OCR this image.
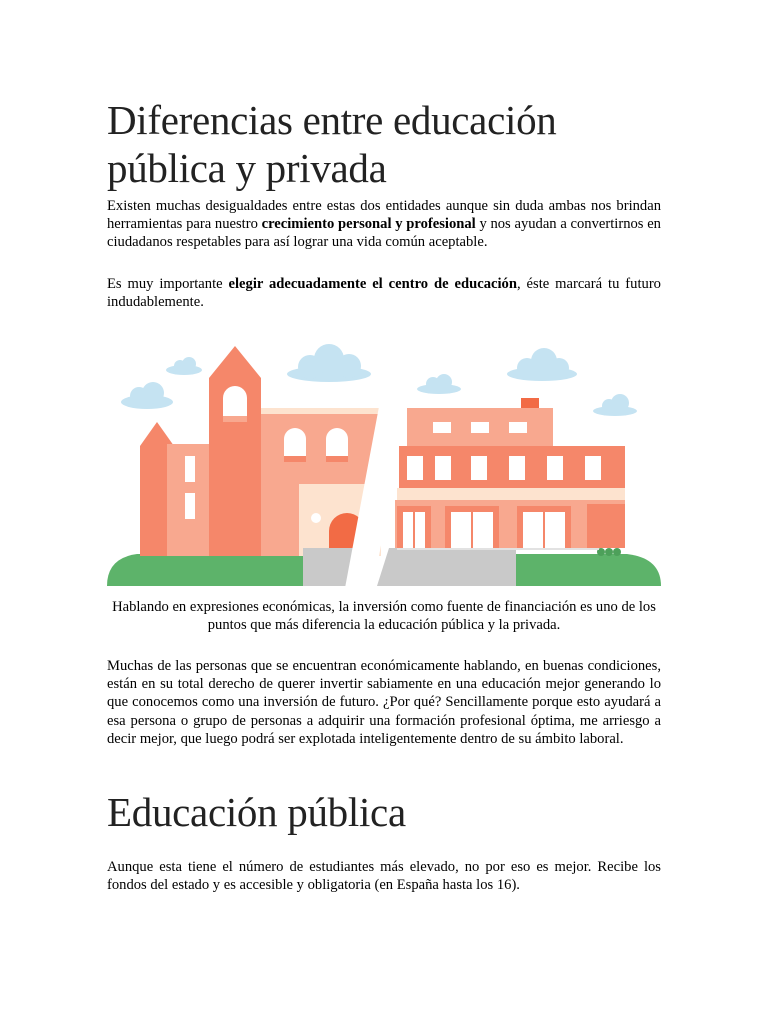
Diferencias entre educación pública y privada

Existen muchas desigualdades entre estas dos entidades aunque sin duda ambas nos brindan herramientas para nuestro crecimiento personal y profesional y nos ayudan a convertirnos en ciudadanos respetables para así lograr una vida común aceptable.

Es muy importante elegir adecuadamente el centro de educación, éste marcará tu futuro indudablemente.

Hablando en expresiones económicas, la inversión como fuente de financiación es uno de los puntos que más diferencia la educación pública y la privada.

Muchas de las personas que se encuentran económicamente hablando, en buenas condiciones, están en su total derecho de querer invertir sabiamente en una educación mejor generando lo que conocemos como una inversión de futuro. ¿Por qué? Sencillamente porque esto ayudará a esa persona o grupo de personas a adquirir una formación profesional óptima, me arriesgo a decir mejor, que luego podrá ser explotada inteligentemente dentro de su ámbito laboral.

Educación pública

Aunque esta tiene el número de estudiantes más elevado, no por eso es mejor. Recibe los fondos del estado y es accesible y obligatoria (en España hasta los 16).
